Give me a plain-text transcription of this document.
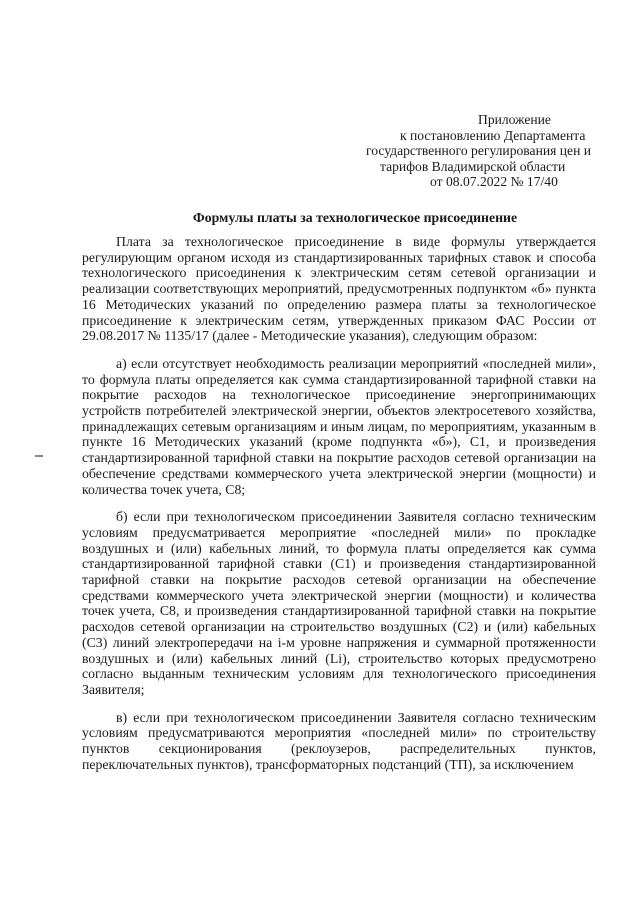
Приложение
к постановлению Департамента
государственного регулирования цен и
тарифов Владимирской области
от 08.07.2022 № 17/40
Формулы платы за технологическое присоединение

Плата за технологическое присоединение в виде формулы утверждается регулирующим органом исходя из стандартизированных тарифных ставок и способа технологического присоединения к электрическим сетям сетевой организации и реализации соответствующих мероприятий, предусмотренных подпунктом «б» пункта 16 Методических указаний по определению размера платы за технологическое присоединение к электрическим сетям, утвержденных приказом ФАС России от 29.08.2017 № 1135/17 (далее - Методические указания), следующим образом:

а) если отсутствует необходимость реализации мероприятий «последней мили», то формула платы определяется как сумма стандартизированной тарифной ставки на покрытие расходов на технологическое присоединение энергопринимающих устройств потребителей электрической энергии, объектов электросетевого хозяйства, принадлежащих сетевым организациям и иным лицам, по мероприятиям, указанным в пункте 16 Методических указаний (кроме подпункта «б»), С1, и произведения стандартизированной тарифной ставки на покрытие расходов сетевой организации на обеспечение средствами коммерческого учета электрической энергии (мощности) и количества точек учета, С8;

б) если при технологическом присоединении Заявителя согласно техническим условиям предусматривается мероприятие «последней мили» по прокладке воздушных и (или) кабельных линий, то формула платы определяется как сумма стандартизированной тарифной ставки (С1) и произведения стандартизированной тарифной ставки на покрытие расходов сетевой организации на обеспечение средствами коммерческого учета электрической энергии (мощности) и количества точек учета, С8, и произведения стандартизированной тарифной ставки на покрытие расходов сетевой организации на строительство воздушных (С2) и (или) кабельных (С3) линий электропередачи на i-м уровне напряжения и суммарной протяженности воздушных и (или) кабельных линий (Li), строительство которых предусмотрено согласно выданным техническим условиям для технологического присоединения Заявителя;

в) если при технологическом присоединении Заявителя согласно техническим условиям предусматриваются мероприятия «последней мили» по строительству пунктов секционирования (реклоузеров, распределительных пунктов, переключательных пунктов), трансформаторных подстанций (ТП), за исключением
